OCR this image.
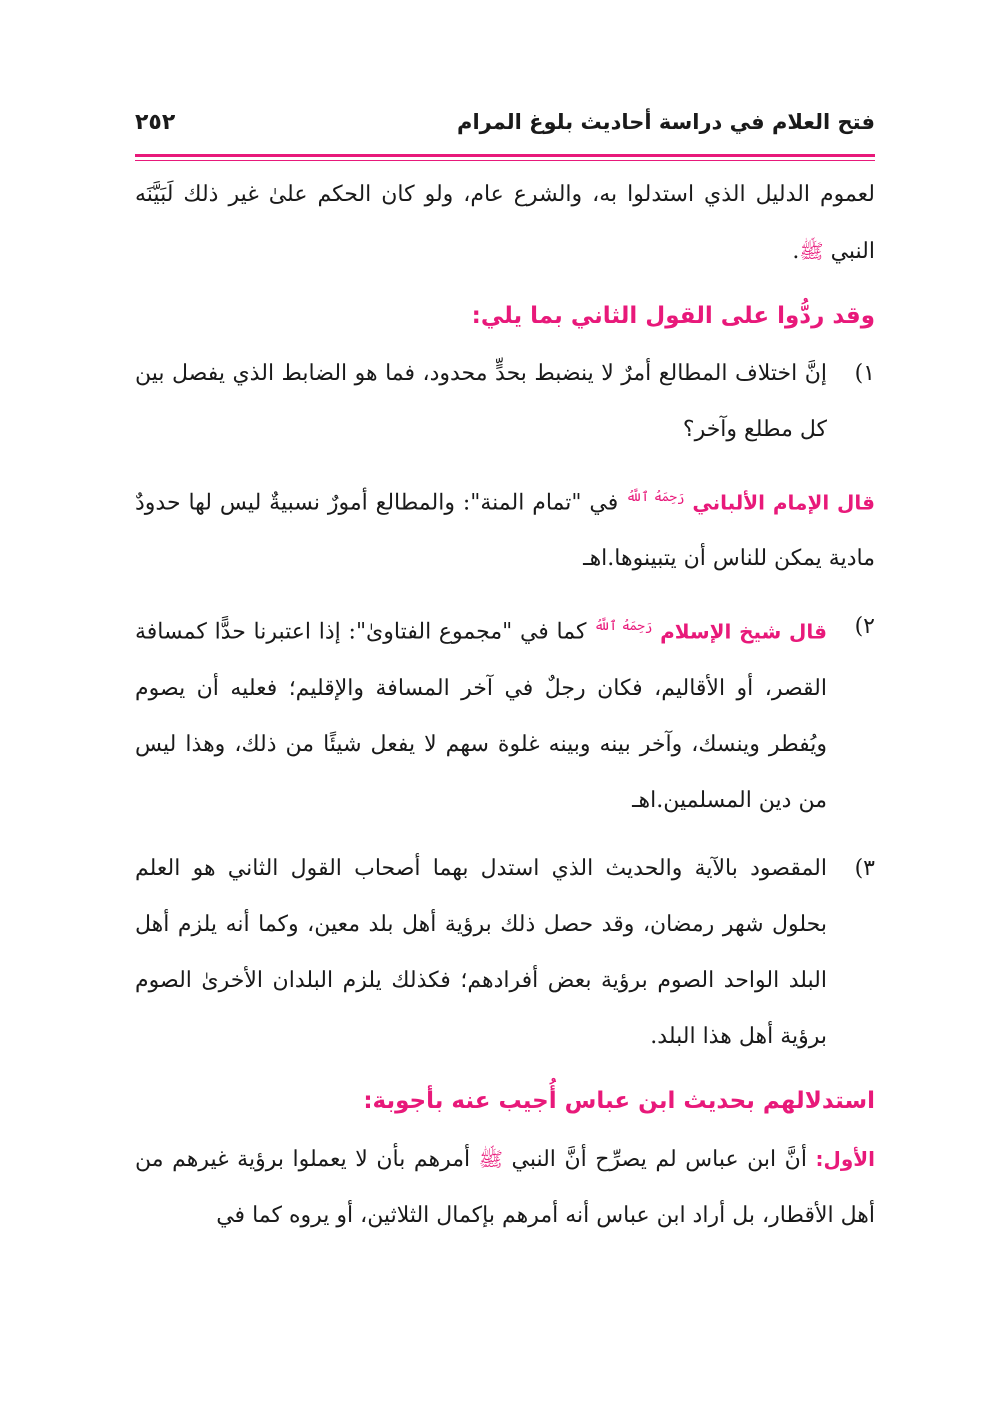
فتح العلام في دراسة أحاديث بلوغ المرام
٢٥٢

لعموم الدليل الذي استدلوا به، والشرع عام، ولو كان الحكم علىٰ غير ذلك لَبَيَّنَه النبي ﷺ.

وقد ردُّوا على القول الثاني بما يلي:
١)

إنَّ اختلاف المطالع أمرٌ لا ينضبط بحدٍّ محدود، فما هو الضابط الذي يفصل بين كل مطلع وآخر؟

قال الإمام الألباني $^{رَحِمَهُ ٱللَّهُ}$ في "تمام المنة": والمطالع أمورٌ نسبيةٌ ليس لها حدودٌ مادية يمكن للناس أن يتبينوها.اهـ

٢)

قال شيخ الإسلام $^{رَحِمَهُ ٱللَّهُ}$ كما في "مجموع الفتاوىٰ": إذا اعتبرنا حدًّا كمسافة القصر، أو الأقاليم، فكان رجلٌ في آخر المسافة والإقليم؛ فعليه أن يصوم ويُفطر وينسك، وآخر بينه وبينه غلوة سهم لا يفعل شيئًا من ذلك، وهذا ليس من دين المسلمين.اهـ

٣)

المقصود بالآية والحديث الذي استدل بهما أصحاب القول الثاني هو العلم بحلول شهر رمضان، وقد حصل ذلك برؤية أهل بلد معين، وكما أنه يلزم أهل البلد الواحد الصوم برؤية بعض أفرادهم؛ فكذلك يلزم البلدان الأخرىٰ الصوم برؤية أهل هذا البلد.

استدلالهم بحديث ابن عباس أُجيب عنه بأجوبة:

الأول: أنَّ ابن عباس لم يصرِّح أنَّ النبي ﷺ أمرهم بأن لا يعملوا برؤية غيرهم من أهل الأقطار، بل أراد ابن عباس أنه أمرهم بإكمال الثلاثين، أو يروه كما في
